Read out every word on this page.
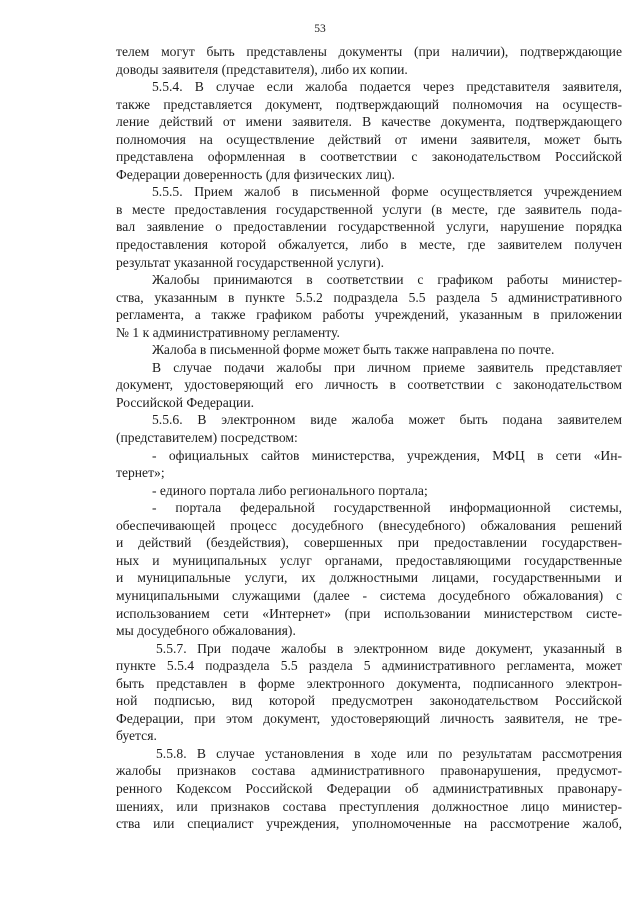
53
телем могут быть представлены документы (при наличии), подтверждающие
доводы заявителя (представителя), либо их копии.
5.5.4. В случае если жалоба подается через представителя заявителя,
также представляется документ, подтверждающий полномочия на осуществ-
ление действий от имени заявителя. В качестве документа, подтверждающего
полномочия на осуществление действий от имени заявителя, может быть
представлена оформленная в соответствии с законодательством Российской
Федерации доверенность (для физических лиц).
5.5.5. Прием жалоб в письменной форме осуществляется учреждением
в месте предоставления государственной услуги (в месте, где заявитель пода-
вал заявление о предоставлении государственной услуги, нарушение порядка
предоставления которой обжалуется, либо в месте, где заявителем получен
результат указанной государственной услуги).
Жалобы принимаются в соответствии с графиком работы министер-
ства, указанным в пункте 5.5.2 подраздела 5.5 раздела 5 административного
регламента, а также графиком работы учреждений, указанным в приложении
№ 1 к административному регламенту.
Жалоба в письменной форме может быть также направлена по почте.
В случае подачи жалобы при личном приеме заявитель представляет
документ, удостоверяющий его личность в соответствии с законодательством
Российской Федерации.
5.5.6. В электронном виде жалоба может быть подана заявителем
(представителем) посредством:
- официальных сайтов министерства, учреждения, МФЦ в сети «Ин-
тернет»;
- единого портала либо регионального портала;
- портала федеральной государственной информационной системы,
обеспечивающей процесс досудебного (внесудебного) обжалования решений
и действий (бездействия), совершенных при предоставлении государствен-
ных и муниципальных услуг органами, предоставляющими государственные
и муниципальные услуги, их должностными лицами, государственными и
муниципальными служащими (далее - система досудебного обжалования) с
использованием сети «Интернет» (при использовании министерством систе-
мы досудебного обжалования).
5.5.7. При подаче жалобы в электронном виде документ, указанный в
пункте 5.5.4 подраздела 5.5 раздела 5 административного регламента, может
быть представлен в форме электронного документа, подписанного электрон-
ной подписью, вид которой предусмотрен законодательством Российской
Федерации, при этом документ, удостоверяющий личность заявителя, не тре-
буется.
5.5.8. В случае установления в ходе или по результатам рассмотрения
жалобы признаков состава административного правонарушения, предусмот-
ренного Кодексом Российской Федерации об административных правонару-
шениях, или признаков состава преступления должностное лицо министер-
ства или специалист учреждения, уполномоченные на рассмотрение жалоб,
